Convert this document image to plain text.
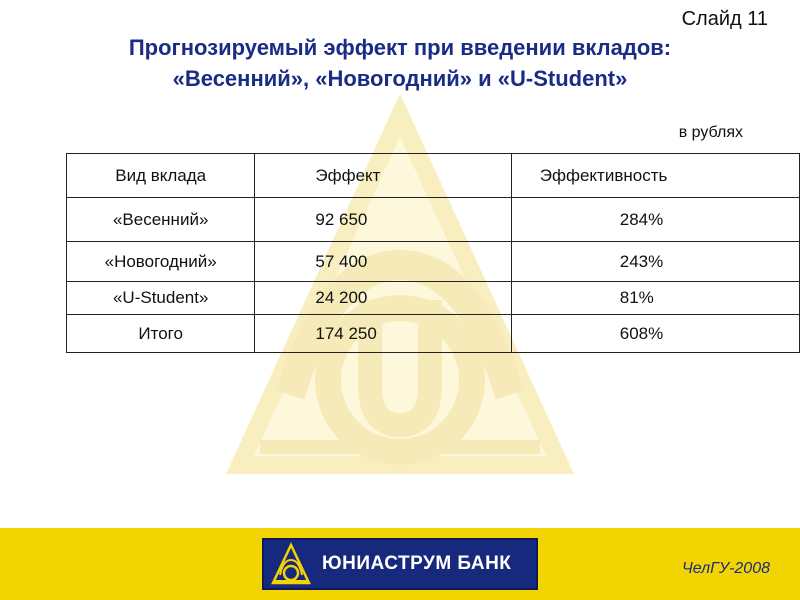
Слайд 11
Прогнозируемый эффект при введении вкладов:
«Весенний», «Новогодний» и «U-Student»
в рублях
Вид вклада	Эффект	Эффективность
«Весенний»	92 650	284%
«Новогодний»	57 400	243%
«U-Student»	24 200	81%
Итого	174 250	608%
ЮНИАСТРУМ БАНК	ЧелГУ-2008
